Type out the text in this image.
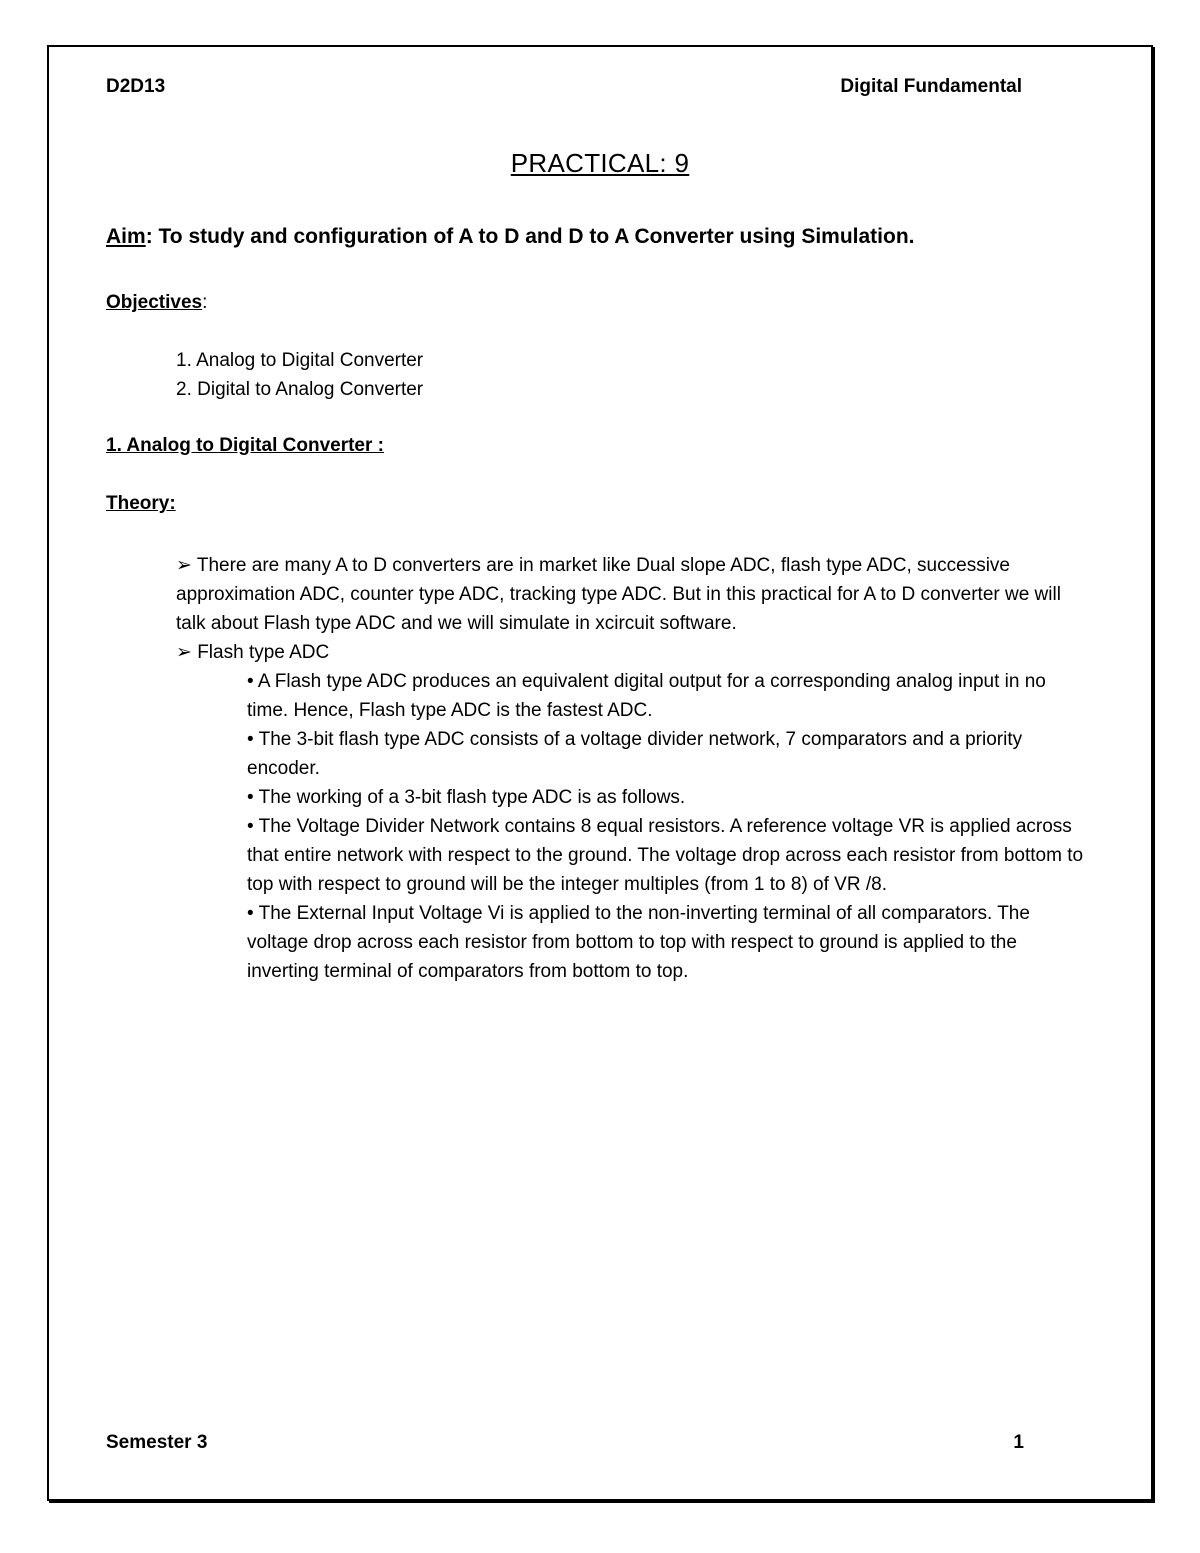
D2D13	Digital Fundamental
PRACTICAL: 9
Aim: To study and configuration of A to D and D to A Converter using Simulation.
Objectives:
1. Analog to Digital Converter
2. Digital to Analog Converter
1. Analog to Digital Converter :
Theory:

➢ There are many A to D converters are in market like Dual slope ADC, flash type ADC, successive approximation ADC, counter type ADC, tracking type ADC. But in this practical for A to D converter we will talk about Flash type ADC and we will simulate in xcircuit software.

➢ Flash type ADC

• A Flash type ADC produces an equivalent digital output for a corresponding analog input in no time. Hence, Flash type ADC is the fastest ADC.

• The 3-bit flash type ADC consists of a voltage divider network, 7 comparators and a priority encoder.

• The working of a 3-bit flash type ADC is as follows.

• The Voltage Divider Network contains 8 equal resistors. A reference voltage VR is applied across that entire network with respect to the ground. The voltage drop across each resistor from bottom to top with respect to ground will be the integer multiples (from 1 to 8) of VR /8.

• The External Input Voltage Vi is applied to the non-inverting terminal of all comparators. The voltage drop across each resistor from bottom to top with respect to ground is applied to the inverting terminal of comparators from bottom to top.

Semester 3	1
